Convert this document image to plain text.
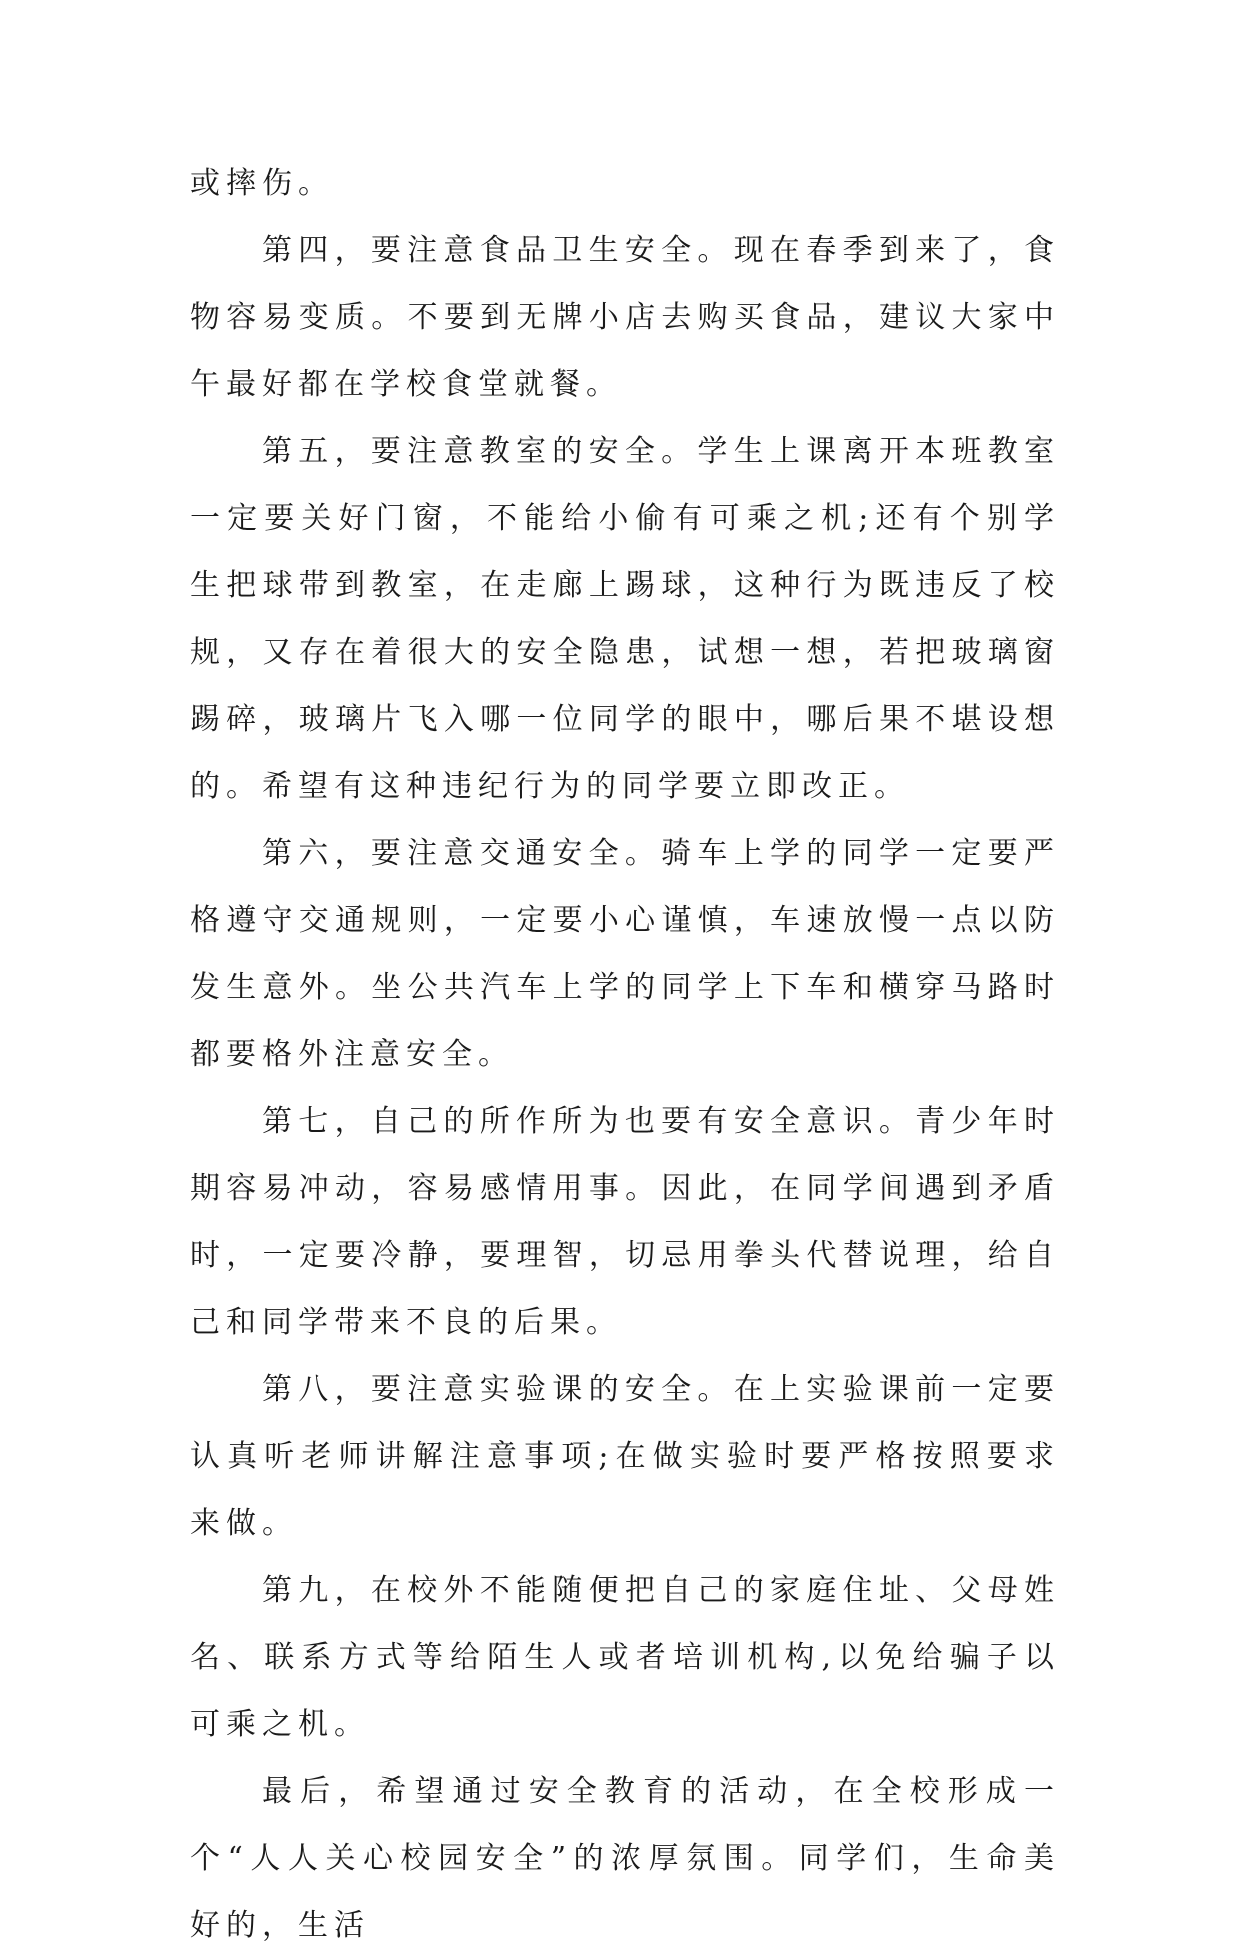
或摔伤。

第四，要注意食品卫生安全。现在春季到来了，食物容易变质。不要到无牌小店去购买食品，建议大家中午最好都在学校食堂就餐。

第五，要注意教室的安全。学生上课离开本班教室一定要关好门窗，不能给小偷有可乘之机;还有个别学生把球带到教室，在走廊上踢球，这种行为既违反了校规，又存在着很大的安全隐患，试想一想，若把玻璃窗踢碎，玻璃片飞入哪一位同学的眼中，哪后果不堪设想的。希望有这种违纪行为的同学要立即改正。

第六，要注意交通安全。骑车上学的同学一定要严格遵守交通规则，一定要小心谨慎，车速放慢一点以防发生意外。坐公共汽车上学的同学上下车和横穿马路时都要格外注意安全。

第七，自己的所作所为也要有安全意识。青少年时期容易冲动，容易感情用事。因此，在同学间遇到矛盾时，一定要冷静，要理智，切忌用拳头代替说理，给自己和同学带来不良的后果。

第八，要注意实验课的安全。在上实验课前一定要认真听老师讲解注意事项;在做实验时要严格按照要求来做。

第九，在校外不能随便把自己的家庭住址、父母姓名、联系方式等给陌生人或者培训机构,以免给骗子以可乘之机。

最后，希望通过安全教育的活动，在全校形成一个“人人关心校园安全”的浓厚氛围。同学们，生命美好的，生活
